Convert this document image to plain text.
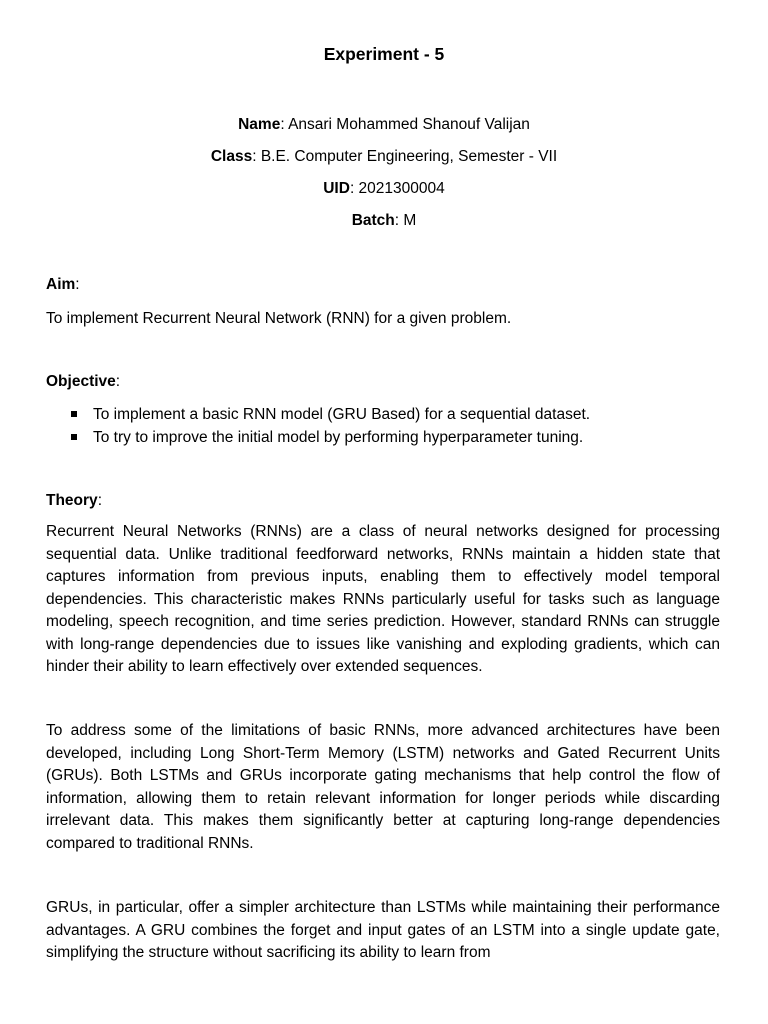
Experiment - 5
Name: Ansari Mohammed Shanouf Valijan
Class: B.E. Computer Engineering, Semester - VII
UID: 2021300004
Batch: M
Aim:

To implement Recurrent Neural Network (RNN) for a given problem.

Objective:
To implement a basic RNN model (GRU Based) for a sequential dataset.
To try to improve the initial model by performing hyperparameter tuning.
Theory:

Recurrent Neural Networks (RNNs) are a class of neural networks designed for processing sequential data. Unlike traditional feedforward networks, RNNs maintain a hidden state that captures information from previous inputs, enabling them to effectively model temporal dependencies. This characteristic makes RNNs particularly useful for tasks such as language modeling, speech recognition, and time series prediction. However, standard RNNs can struggle with long-range dependencies due to issues like vanishing and exploding gradients, which can hinder their ability to learn effectively over extended sequences.

To address some of the limitations of basic RNNs, more advanced architectures have been developed, including Long Short-Term Memory (LSTM) networks and Gated Recurrent Units (GRUs). Both LSTMs and GRUs incorporate gating mechanisms that help control the flow of information, allowing them to retain relevant information for longer periods while discarding irrelevant data. This makes them significantly better at capturing long-range dependencies compared to traditional RNNs.

GRUs, in particular, offer a simpler architecture than LSTMs while maintaining their performance advantages. A GRU combines the forget and input gates of an LSTM into a single update gate, simplifying the structure without sacrificing its ability to learn from
